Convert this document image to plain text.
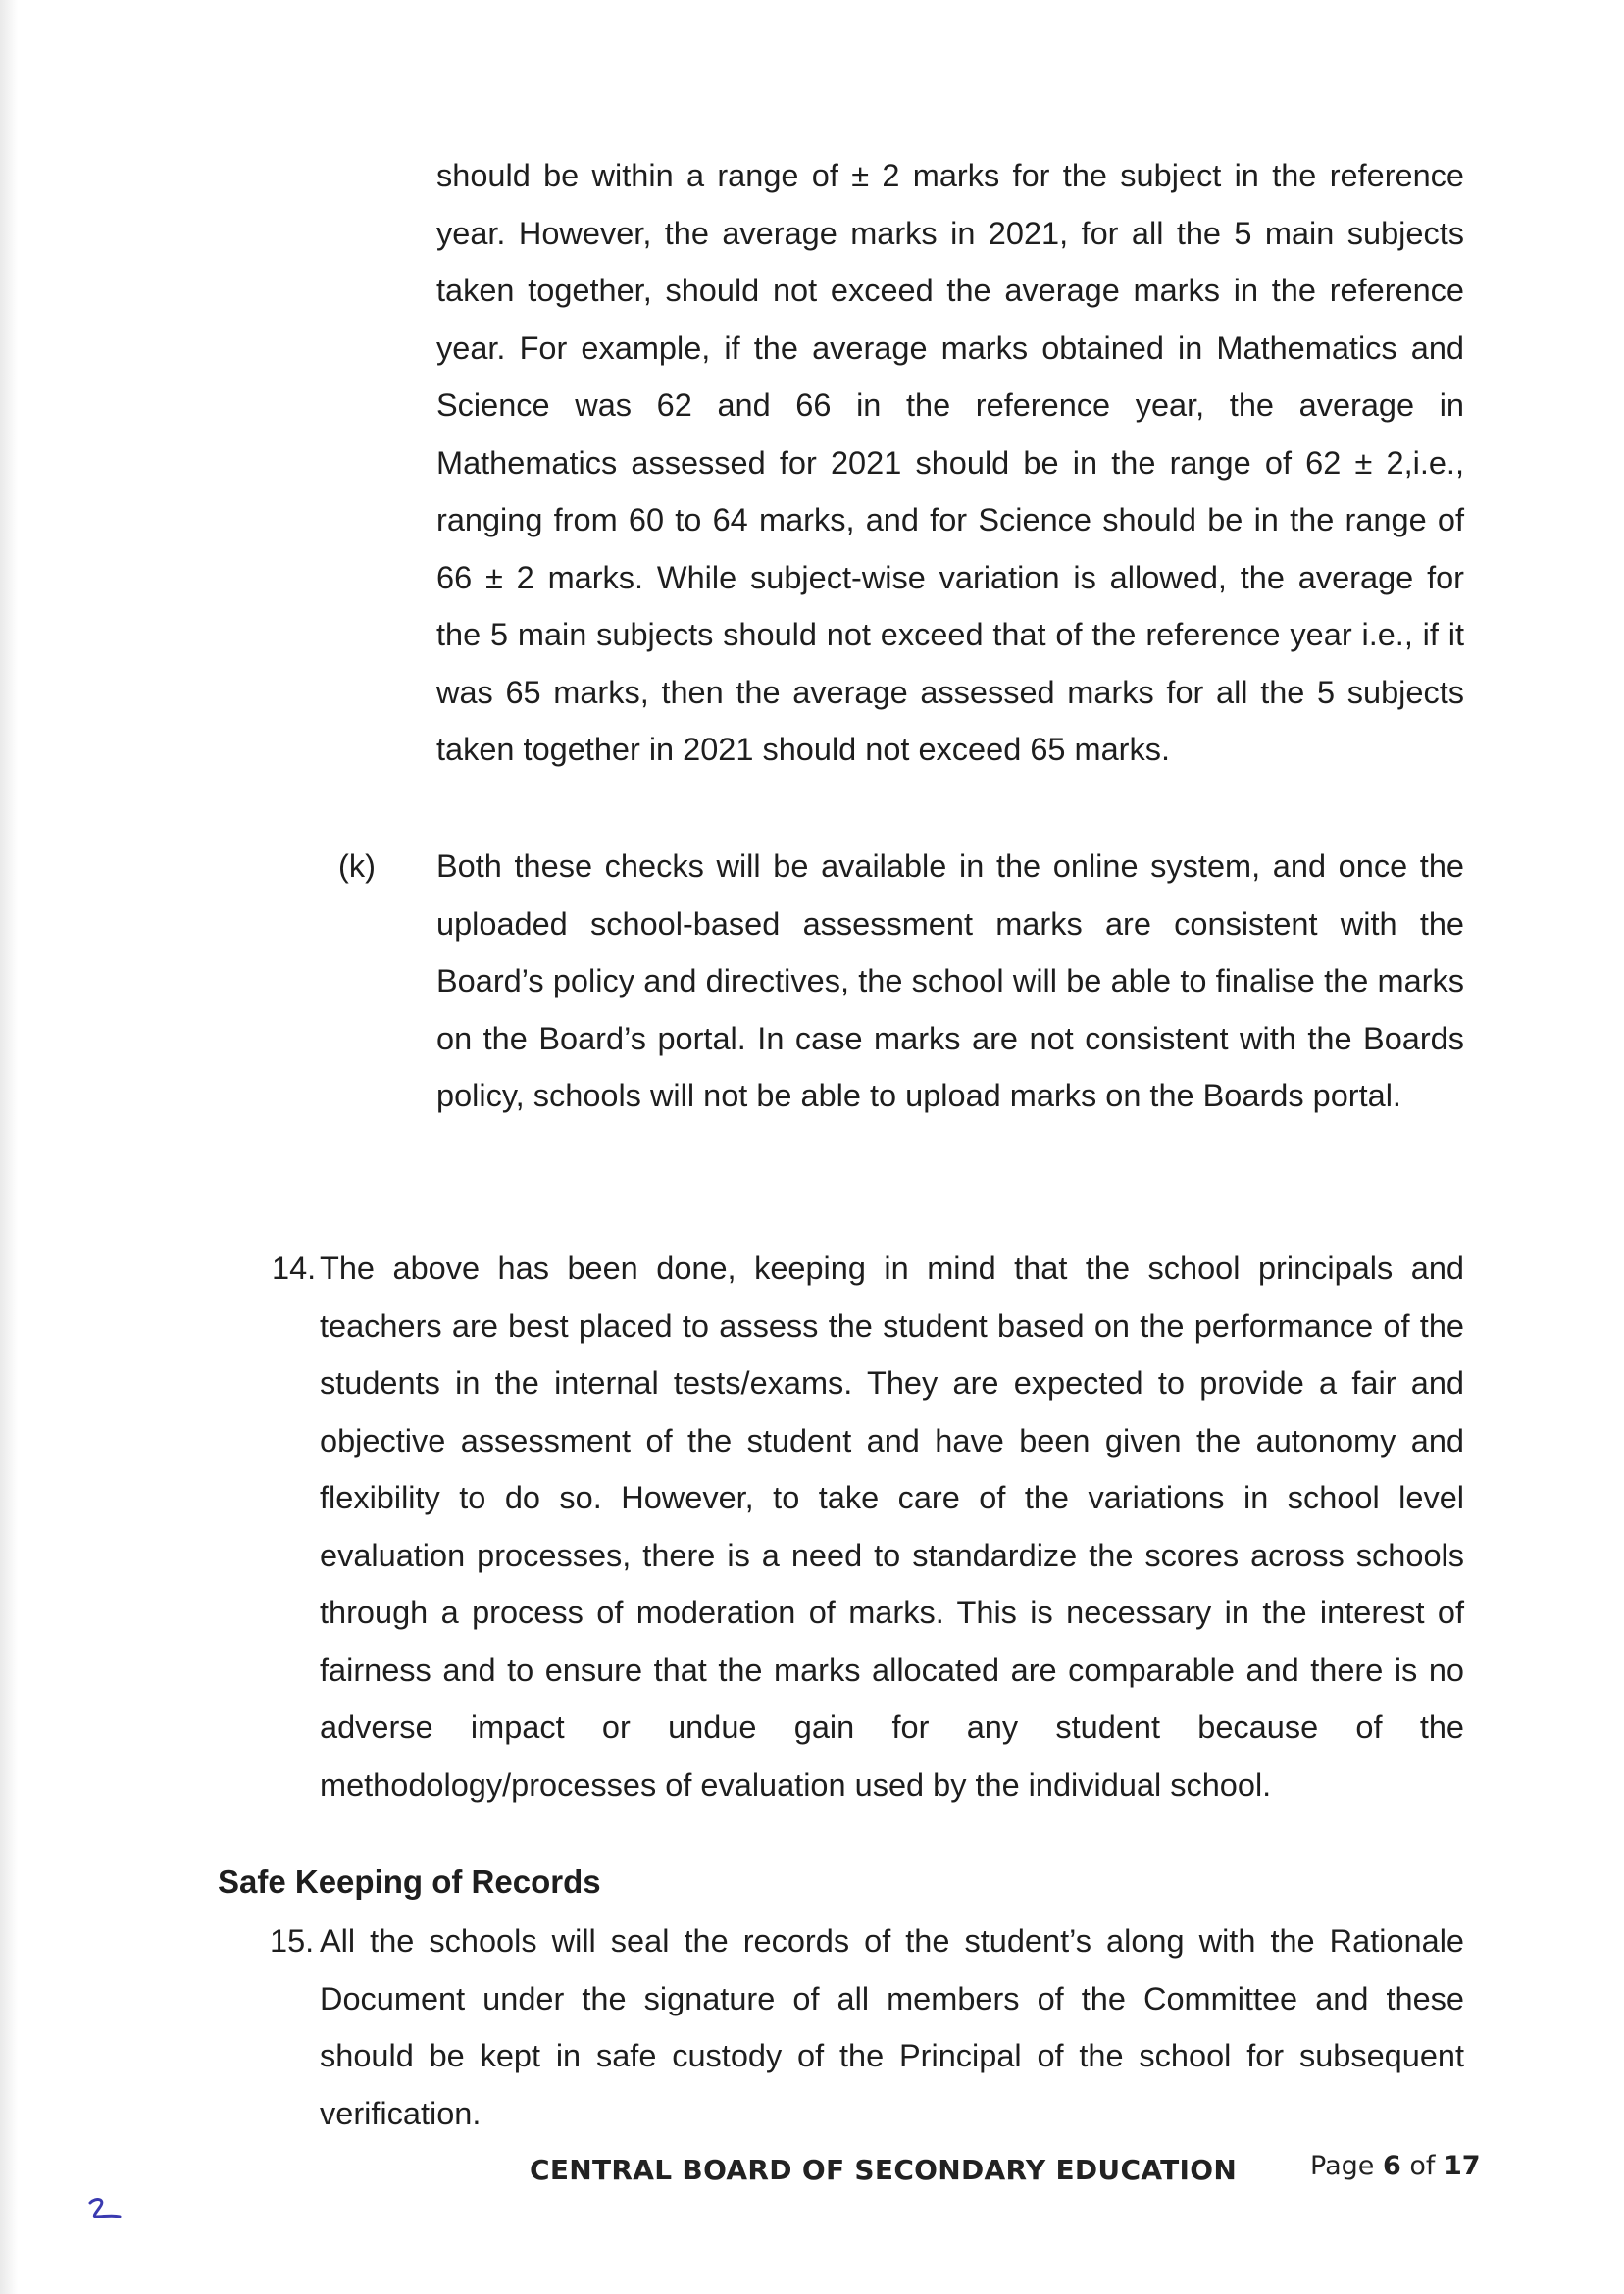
should be within a range of ± 2 marks for the subject in the reference year. However, the average marks in 2021, for all the 5 main subjects taken together, should not exceed the average marks in the reference year. For example, if the average marks obtained in Mathematics and Science was 62 and 66 in the reference year, the average in Mathematics assessed for 2021 should be in the range of 62 ± 2,i.e., ranging from 60 to 64 marks, and for Science should be in the range of 66 ± 2 marks. While subject-wise variation is allowed, the average for the 5 main subjects should not exceed that of the reference year i.e., if it was 65 marks, then the average assessed marks for all the 5 subjects taken together in 2021 should not exceed 65 marks.

(k) Both these checks will be available in the online system, and once the uploaded school-based assessment marks are consistent with the Board’s policy and directives, the school will be able to finalise the marks on the Board’s portal. In case marks are not consistent with the Boards policy, schools will not be able to upload marks on the Boards portal.

14. The above has been done, keeping in mind that the school principals and teachers are best placed to assess the student based on the performance of the students in the internal tests/exams. They are expected to provide a fair and objective assessment of the student and have been given the autonomy and flexibility to do so. However, to take care of the variations in school level evaluation processes, there is a need to standardize the scores across schools through a process of moderation of marks. This is necessary in the interest of fairness and to ensure that the marks allocated are comparable and there is no adverse impact or undue gain for any student because of the methodology/processes of evaluation used by the individual school.

Safe Keeping of Records
15. All the schools will seal the records of the student’s along with the Rationale Document under the signature of all members of the Committee and these should be kept in safe custody of the Principal of the school for subsequent verification.

CENTRAL BOARD OF SECONDARY EDUCATION	Page 6 of 17
